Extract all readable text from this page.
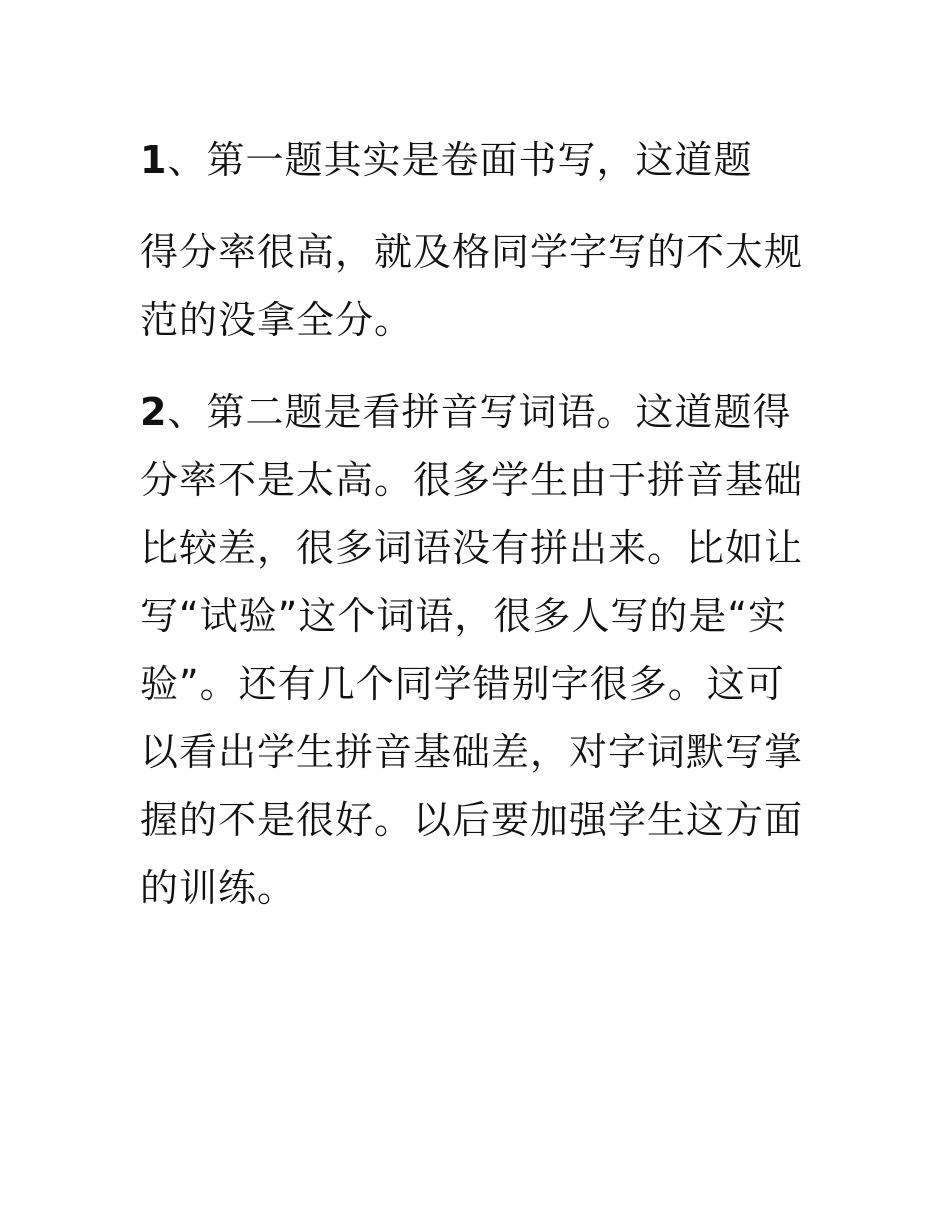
1、第一题其实是卷面书写，这道题

得分率很高，就及格同学字写的不太规范的没拿全分。

2、第二题是看拼音写词语。这道题得分率不是太高。很多学生由于拼音基础比较差，很多词语没有拼出来。比如让写“试验”这个词语，很多人写的是“实验”。还有几个同学错别字很多。这可以看出学生拼音基础差，对字词默写掌握的不是很好。以后要加强学生这方面的训练。
